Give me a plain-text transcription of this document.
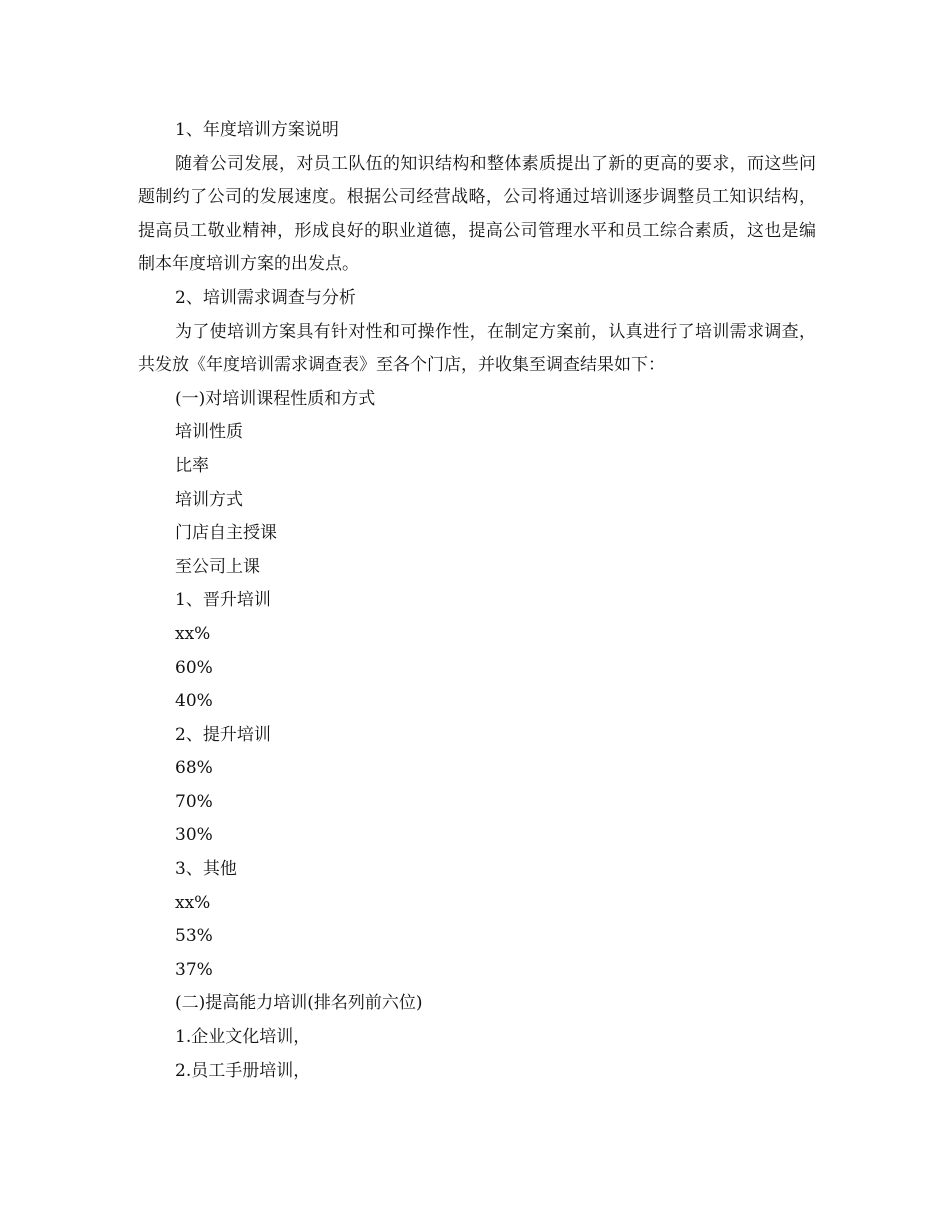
1、年度培训方案说明
随着公司发展，对员工队伍的知识结构和整体素质提出了新的更高的要求，而这些问题制约了公司的发展速度。根据公司经营战略，公司将通过培训逐步调整员工知识结构，提高员工敬业精神，形成良好的职业道德，提高公司管理水平和员工综合素质，这也是编制本年度培训方案的出发点。
2、培训需求调查与分析
为了使培训方案具有针对性和可操作性，在制定方案前，认真进行了培训需求调查，共发放《年度培训需求调查表》至各个门店，并收集至调查结果如下：
(一)对培训课程性质和方式
培训性质
比率
培训方式
门店自主授课
至公司上课
1、晋升培训
xx%
60%
40%
2、提升培训
68%
70%
30%
3、其他
xx%
53%
37%
(二)提高能力培训(排名列前六位)
1.企业文化培训，
2.员工手册培训，
